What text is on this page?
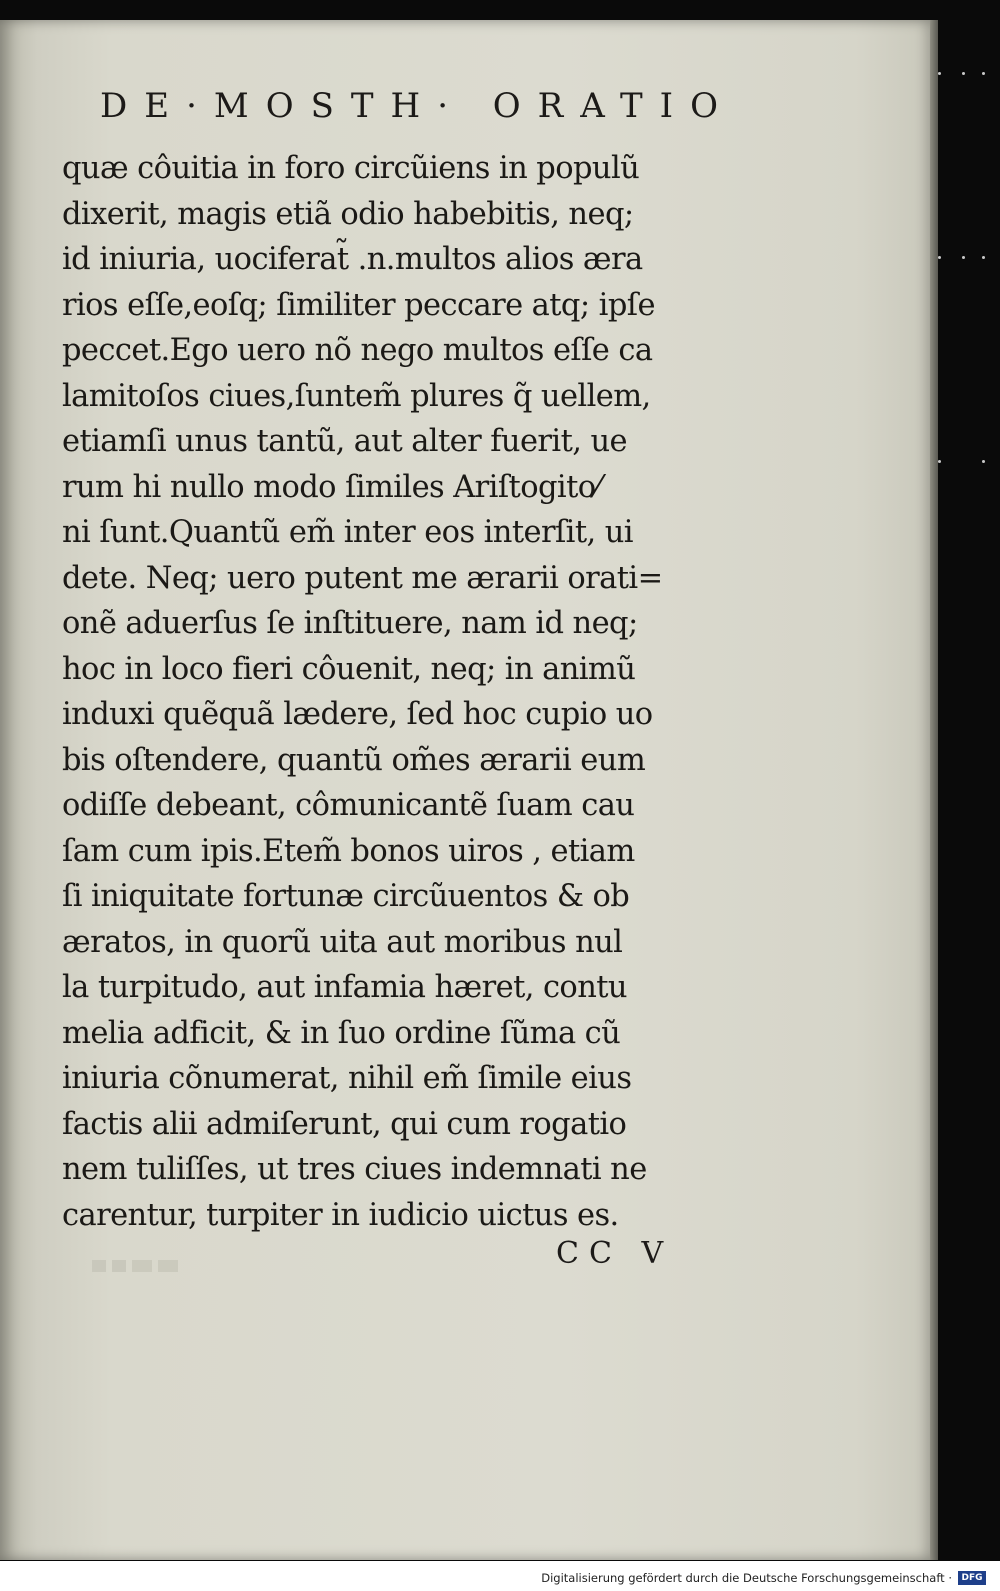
DE·MOSTH· ORATIO
quæ côuitia in foro circũiens in populũ
dixerit, magis etiã odio habebitis, neq;
id iniuria, uociferat̃ .n.multos alios æra
rios eſſe,eoſq; ſimiliter peccare atq; ipſe
peccet.Ego uero nõ nego multos eſſe ca
lamitoſos ciues,ſuntem̃ plures q̃ uellem,
etiamſi unus tantũ, aut alter fuerit, ue
rum hi nullo modo ſimiles Ariſtogito⁄
ni ſunt.Quantũ em̃ inter eos interſit, ui
dete. Neq; uero putent me ærarii orati=
onẽ aduerſus ſe inſtituere, nam id neq;
hoc in loco fieri côuenit, neq; in animũ
induxi quẽquã lædere, ſed hoc cupio uo
bis oſtendere, quantũ om̃es ærarii eum
odiſſe debeant, cômunicantẽ ſuam cau
ſam cum ipis.Etem̃ bonos uiros , etiam
ſi iniquitate fortunæ circũuentos & ob
æratos, in quorũ uita aut moribus nul
la turpitudo, aut infamia hæret, contu
melia adficit, & in ſuo ordine ſũma cũ
iniuria cõnumerat, nihil em̃ ſimile eius
factis alii admiſerunt, qui cum rogatio
nem tuliſſes, ut tres ciues indemnati ne
carentur, turpiter in iudicio uictus es.
CC V
Digitalisierung gefördert durch die Deutsche Forschungsgemeinschaft ·	DFG
